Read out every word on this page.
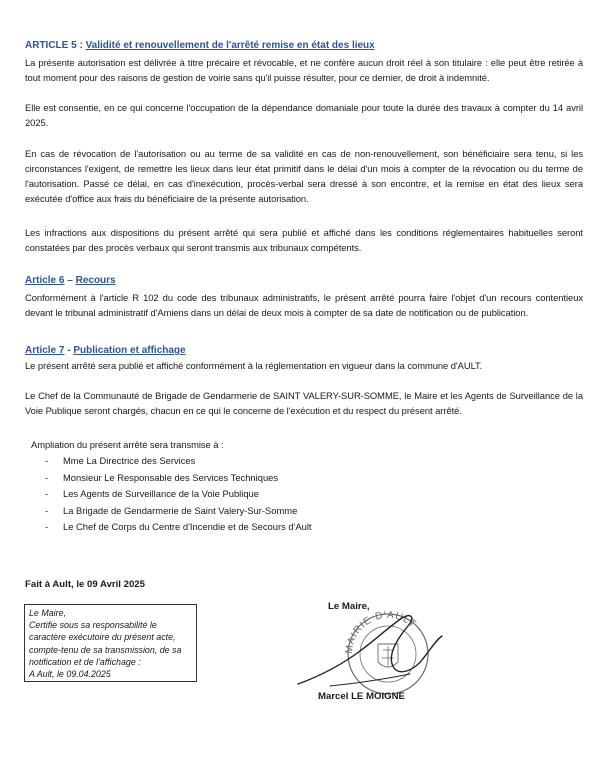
ARTICLE 5 : Validité et renouvellement de l'arrêté remise en état des lieux

La présente autorisation est délivrée à titre précaire et révocable, et ne confère aucun droit réel à son titulaire : elle peut être retirée à tout moment pour des raisons de gestion de voirie sans qu'il puisse résulter, pour ce dernier, de droit à indemnité.

Elle est consentie, en ce qui concerne l'occupation de la dépendance domaniale pour toute la durée des travaux à compter du 14 avril 2025.

En cas de révocation de l'autorisation ou au terme de sa validité en cas de non-renouvellement, son bénéficiaire sera tenu, si les circonstances l'exigent, de remettre les lieux dans leur état primitif dans le délai d'un mois à compter de la révocation ou du terme de l'autorisation. Passé ce délai, en cas d'inexécution, procès-verbal sera dressé à son encontre, et la remise en état des lieux sera exécutée d'office aux frais du bénéficiaire de la présente autorisation.

Les infractions aux dispositions du présent arrêté qui sera publié et affiché dans les conditions réglementaires habituelles seront constatées par des procès verbaux qui seront transmis aux tribunaux compétents.

Article 6 – Recours

Conformément à l'article R 102 du code des tribunaux administratifs, le présent arrêté pourra faire l'objet d'un recours contentieux devant le tribunal administratif d'Amiens dans un délai de deux mois à compter de sa date de notification ou de publication.

Article 7 - Publication et affichage

Le présent arrêté sera publié et affiché conformément à la réglementation en vigueur dans la commune d'AULT.

Le Chef de la Communauté de Brigade de Gendarmerie de SAINT VALERY-SUR-SOMME, le Maire et les Agents de Surveillance de la Voie Publique seront chargés, chacun en ce qui le concerne de l'exécution et du respect du présent arrêté.

Ampliation du présent arrêté sera transmise à :
- Mme La Directrice des Services
- Monsieur Le Responsable des Services Techniques
- Les Agents de Surveillance de la Voie Publique
- La Brigade de Gendarmerie de Saint Valery-Sur-Somme
- Le Chef de Corps du Centre d'Incendie et de Secours d'Ault
Fait à Ault, le 09 Avril 2025
Le Maire,
Certifie sous sa responsabilité le
caractère exécutoire du présent acte,
compte-tenu de sa transmission, de sa
notification et de l'affichage :
A Ault, le 09.04.2025
MAIRIE D'AULT
Le Maire,
Marcel LE MOIGNE
